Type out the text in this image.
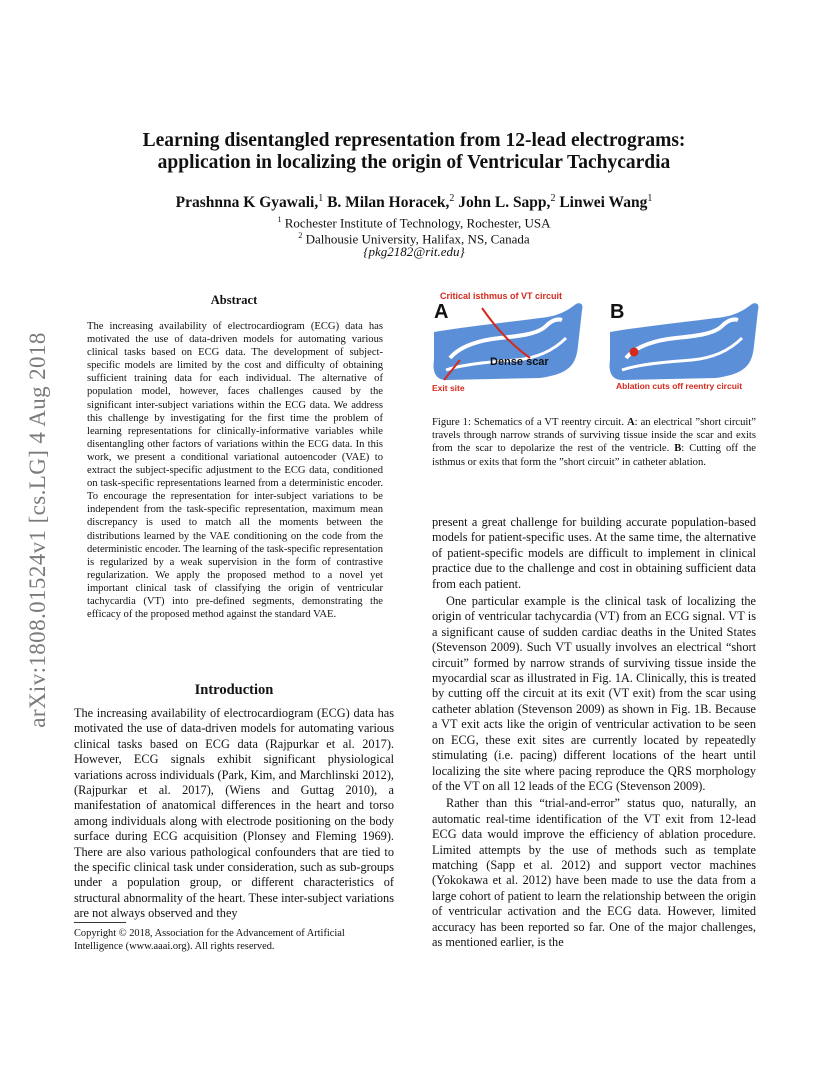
arXiv:1808.01524v1 [cs.LG] 4 Aug 2018
Learning disentangled representation from 12-lead electrograms:
application in localizing the origin of Ventricular Tachycardia
Prashnna K Gyawali,$^1$ B. Milan Horacek,$^2$ John L. Sapp,$^2$ Linwei Wang$^1$
$^1$ Rochester Institute of Technology, Rochester, USA
$^2$ Dalhousie University, Halifax, NS, Canada
{pkg2182@rit.edu}
Abstract
The increasing availability of electrocardiogram (ECG) data has motivated the use of data-driven models for automating various clinical tasks based on ECG data. The development of subject-specific models are limited by the cost and difficulty of obtaining sufficient training data for each individual. The alternative of population model, however, faces challenges caused by the significant inter-subject variations within the ECG data. We address this challenge by investigating for the first time the problem of learning representations for clinically-informative variables while disentangling other factors of variations within the ECG data. In this work, we present a conditional variational autoencoder (VAE) to extract the subject-specific adjustment to the ECG data, conditioned on task-specific representations learned from a deterministic encoder. To encourage the representation for inter-subject variations to be independent from the task-specific representation, maximum mean discrepancy is used to match all the moments between the distributions learned by the VAE conditioning on the code from the deterministic encoder. The learning of the task-specific representation is regularized by a weak supervision in the form of contrastive regularization. We apply the proposed method to a novel yet important clinical task of classifying the origin of ventricular tachycardia (VT) into pre-defined segments, demonstrating the efficacy of the proposed method against the standard VAE.
Introduction

The increasing availability of electrocardiogram (ECG) data has motivated the use of data-driven models for automating various clinical tasks based on ECG data (Rajpurkar et al. 2017). However, ECG signals exhibit significant physiological variations across individuals (Park, Kim, and Marchlinski 2012), (Rajpurkar et al. 2017), (Wiens and Guttag 2010), a manifestation of anatomical differences in the heart and torso among individuals along with electrode positioning on the body surface during ECG acquisition (Plonsey and Fleming 1969). There are also various pathological confounders that are tied to the specific clinical task under consideration, such as sub-groups under a population group, or different characteristics of structural abnormality of the heart. These inter-subject variations are not always observed and they

Copyright © 2018, Association for the Advancement of Artificial Intelligence (www.aaai.org). All rights reserved.
A
Critical isthmus of VT circuit
Dense scar
Exit site
B
Ablation cuts off reentry circuit
Figure 1: Schematics of a VT reentry circuit. A: an electrical ”short circuit” travels through narrow strands of surviving tissue inside the scar and exits from the scar to depolarize the rest of the ventricle. B: Cutting off the isthmus or exits that form the ”short circuit” in catheter ablation.

present a great challenge for building accurate population-based models for patient-specific uses. At the same time, the alternative of patient-specific models are difficult to implement in clinical practice due to the challenge and cost in obtaining sufficient data from each patient.

One particular example is the clinical task of localizing the origin of ventricular tachycardia (VT) from an ECG signal. VT is a significant cause of sudden cardiac deaths in the United States (Stevenson 2009). Such VT usually involves an electrical “short circuit” formed by narrow strands of surviving tissue inside the myocardial scar as illustrated in Fig. 1A. Clinically, this is treated by cutting off the circuit at its exit (VT exit) from the scar using catheter ablation (Stevenson 2009) as shown in Fig. 1B. Because a VT exit acts like the origin of ventricular activation to be seen on ECG, these exit sites are currently located by repeatedly stimulating (i.e. pacing) different locations of the heart until localizing the site where pacing reproduce the QRS morphology of the VT on all 12 leads of the ECG (Stevenson 2009).

Rather than this “trial-and-error” status quo, naturally, an automatic real-time identification of the VT exit from 12-lead ECG data would improve the efficiency of ablation procedure. Limited attempts by the use of methods such as template matching (Sapp et al. 2012) and support vector machines (Yokokawa et al. 2012) have been made to use the data from a large cohort of patient to learn the relationship between the origin of ventricular activation and the ECG data. However, limited accuracy has been reported so far. One of the major challenges, as mentioned earlier, is the
